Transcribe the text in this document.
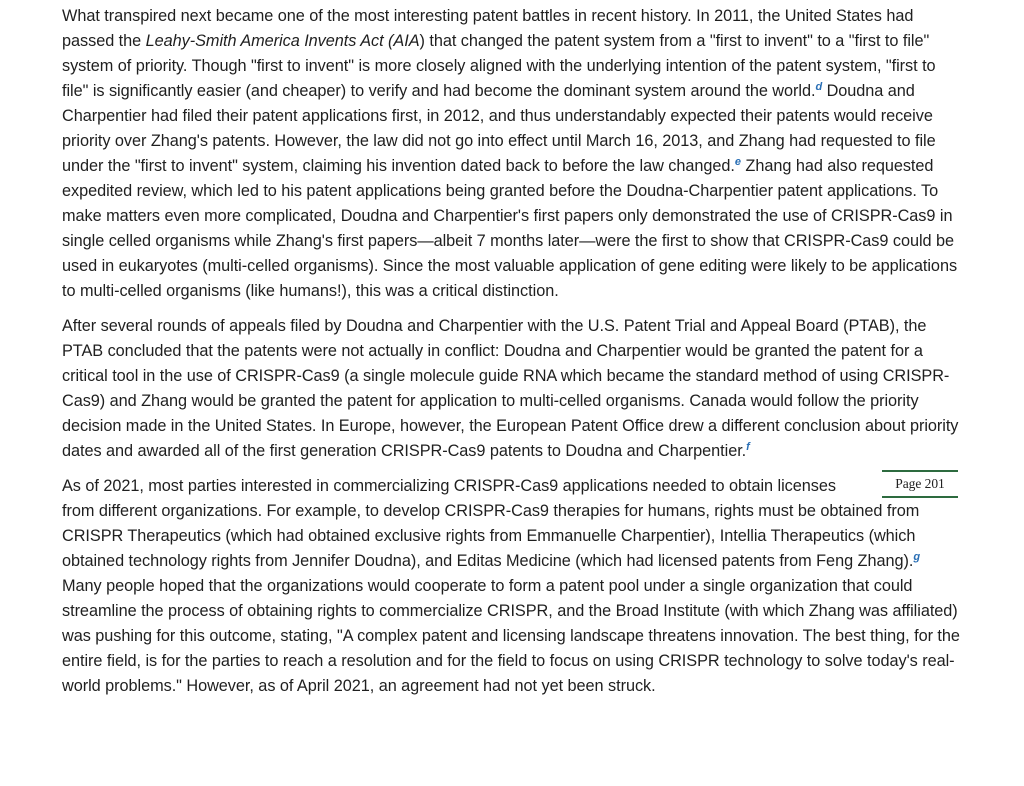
What transpired next became one of the most interesting patent battles in recent history. In 2011, the United States had passed the Leahy-Smith America Invents Act (AIA) that changed the patent system from a "first to invent" to a "first to file" system of priority. Though "first to invent" is more closely aligned with the underlying intention of the patent system, "first to file" is significantly easier (and cheaper) to verify and had become the dominant system around the world.$^d$ Doudna and Charpentier had filed their patent applications first, in 2012, and thus understandably expected their patents would receive priority over Zhang's patents. However, the law did not go into effect until March 16, 2013, and Zhang had requested to file under the "first to invent" system, claiming his invention dated back to before the law changed.$^e$ Zhang had also requested expedited review, which led to his patent applications being granted before the Doudna-Charpentier patent applications. To make matters even more complicated, Doudna and Charpentier's first papers only demonstrated the use of CRISPR-Cas9 in single celled organisms while Zhang's first papers—albeit 7 months later—were the first to show that CRISPR-Cas9 could be used in eukaryotes (multi-celled organisms). Since the most valuable application of gene editing were likely to be applications to multi-celled organisms (like humans!), this was a critical distinction.

After several rounds of appeals filed by Doudna and Charpentier with the U.S. Patent Trial and Appeal Board (PTAB), the PTAB concluded that the patents were not actually in conflict: Doudna and Charpentier would be granted the patent for a critical tool in the use of CRISPR-Cas9 (a single molecule guide RNA which became the standard method of using CRISPR-Cas9) and Zhang would be granted the patent for application to multi-celled organisms. Canada would follow the priority decision made in the United States. In Europe, however, the European Patent Office drew a different conclusion about priority dates and awarded all of the first generation CRISPR-Cas9 patents to Doudna and Charpentier.$^f$

Page 201
As of 2021, most parties interested in commercializing CRISPR-Cas9 applications needed to obtain licenses from different organizations. For example, to develop CRISPR-Cas9 therapies for humans, rights must be obtained from CRISPR Therapeutics (which had obtained exclusive rights from Emmanuelle Charpentier), Intellia Therapeutics (which obtained technology rights from Jennifer Doudna), and Editas Medicine (which had licensed patents from Feng Zhang).$^g$ Many people hoped that the organizations would cooperate to form a patent pool under a single organization that could streamline the process of obtaining rights to commercialize CRISPR, and the Broad Institute (with which Zhang was affiliated) was pushing for this outcome, stating, "A complex patent and licensing landscape threatens innovation. The best thing, for the entire field, is for the parties to reach a resolution and for the field to focus on using CRISPR technology to solve today's real-world problems." However, as of April 2021, an agreement had not yet been struck.
